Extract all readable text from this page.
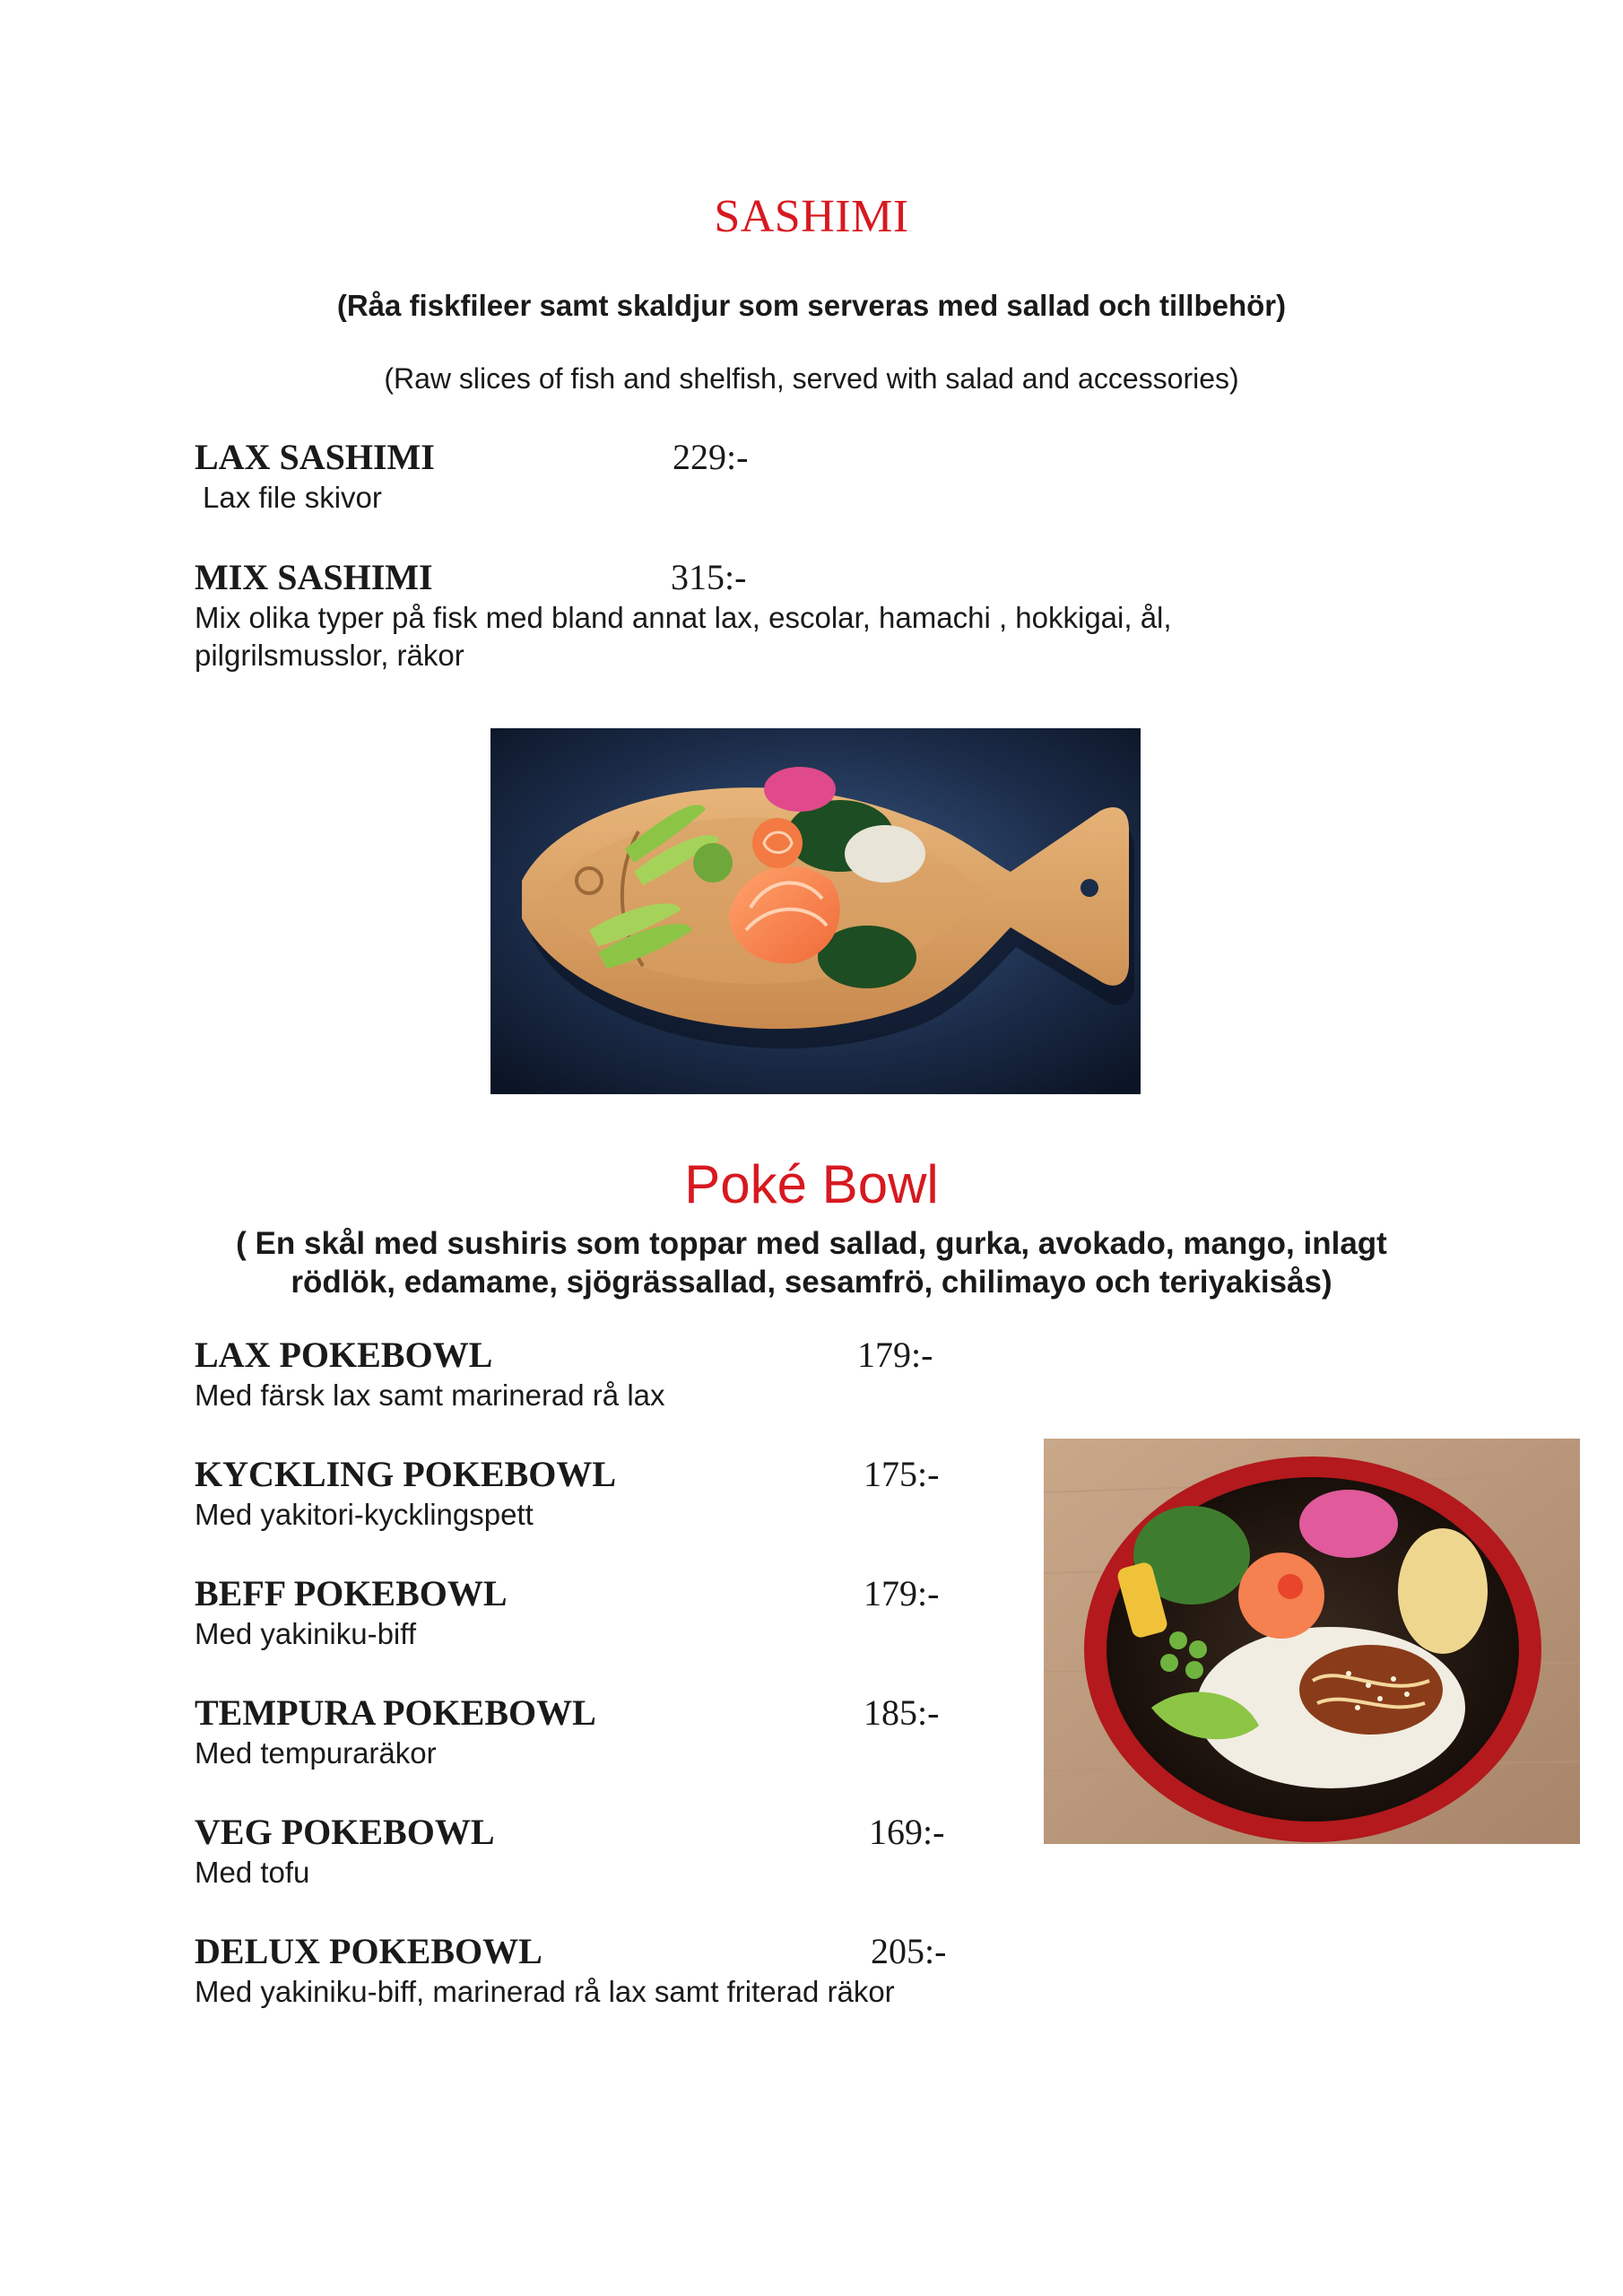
SASHIMI
(Råa fiskfileer samt skaldjur som serveras med sallad och tillbehör)
(Raw slices of fish and shelfish, served with salad and accessories)
LAX SASHIMI	229:-
Lax file skivor
MIX SASHIMI	315:-
Mix olika typer på fisk med bland annat lax, escolar, hamachi , hokkigai, ål,
pilgrilsmusslor, räkor
Poké Bowl
( En skål med sushiris som toppar med sallad, gurka, avokado, mango, inlagt
rödlök, edamame, sjögrässallad, sesamfrö, chilimayo och teriyakisås)
LAX POKEBOWL	179:-
Med färsk lax samt marinerad rå lax
KYCKLING POKEBOWL	175:-
Med yakitori-kycklingspett
BEFF POKEBOWL	179:-
Med yakiniku-biff
TEMPURA POKEBOWL	185:-
Med tempuraräkor
VEG POKEBOWL	169:-
Med tofu
DELUX POKEBOWL	205:-
Med yakiniku-biff, marinerad rå lax samt friterad räkor
